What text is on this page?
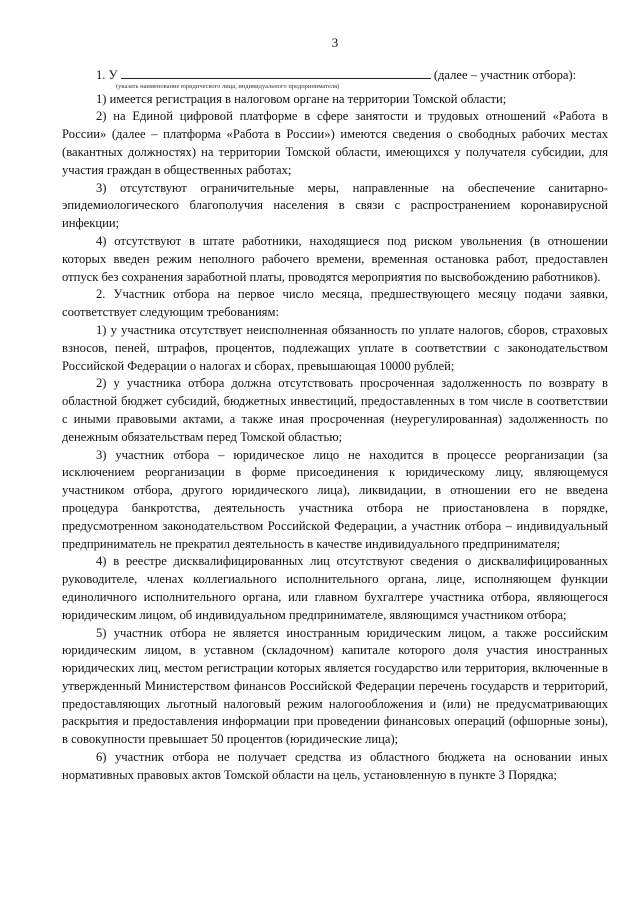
3

1. У	(далее – участник отбора):

(указать наименование юридического лица, индивидуального предпринимателя)

1) имеется регистрация в налоговом органе на территории Томской области;

2) на Единой цифровой платформе в сфере занятости и трудовых отношений «Работа в России» (далее – платформа «Работа в России») имеются сведения о свободных рабочих местах (вакантных должностях) на территории Томской области, имеющихся у получателя субсидии, для участия граждан в общественных работах;

3) отсутствуют ограничительные меры, направленные на обеспечение санитарно-эпидемиологического благополучия населения в связи с распространением коронавирусной инфекции;

4) отсутствуют в штате работники, находящиеся под риском увольнения (в отношении которых введен режим неполного рабочего времени, временная остановка работ, предоставлен отпуск без сохранения заработной платы, проводятся мероприятия по высвобождению работников).

2. Участник отбора на первое число месяца, предшествующего месяцу подачи заявки, соответствует следующим требованиям:

1) у участника отсутствует неисполненная обязанность по уплате налогов, сборов, страховых взносов, пеней, штрафов, процентов, подлежащих уплате в соответствии с законодательством Российской Федерации о налогах и сборах, превышающая 10000 рублей;

2) у участника отбора должна отсутствовать просроченная задолженность по возврату в областной бюджет субсидий, бюджетных инвестиций, предоставленных в том числе в соответствии с иными правовыми актами, а также иная просроченная (неурегулированная) задолженность по денежным обязательствам перед Томской областью;

3) участник отбора – юридическое лицо не находится в процессе реорганизации (за исключением реорганизации в форме присоединения к юридическому лицу, являющемуся участником отбора, другого юридического лица), ликвидации, в отношении его не введена процедура банкротства, деятельность участника отбора не приостановлена в порядке, предусмотренном законодательством Российской Федерации, а участник отбора – индивидуальный предприниматель не прекратил деятельность в качестве индивидуального предпринимателя;

4) в реестре дисквалифицированных лиц отсутствуют сведения о дисквалифицированных руководителе, членах коллегиального исполнительного органа, лице, исполняющем функции единоличного исполнительного органа, или главном бухгалтере участника отбора, являющегося юридическим лицом, об индивидуальном предпринимателе, являющимся участником отбора;

5) участник отбора не является иностранным юридическим лицом, а также российским юридическим лицом, в уставном (складочном) капитале которого доля участия иностранных юридических лиц, местом регистрации которых является государство или территория, включенные в утвержденный Министерством финансов Российской Федерации перечень государств и территорий, предоставляющих льготный налоговый режим налогообложения и (или) не предусматривающих раскрытия и предоставления информации при проведении финансовых операций (офшорные зоны), в совокупности превышает 50 процентов (юридические лица);

6) участник отбора не получает средства из областного бюджета на основании иных нормативных правовых актов Томской области на цель, установленную в пункте 3 Порядка;
